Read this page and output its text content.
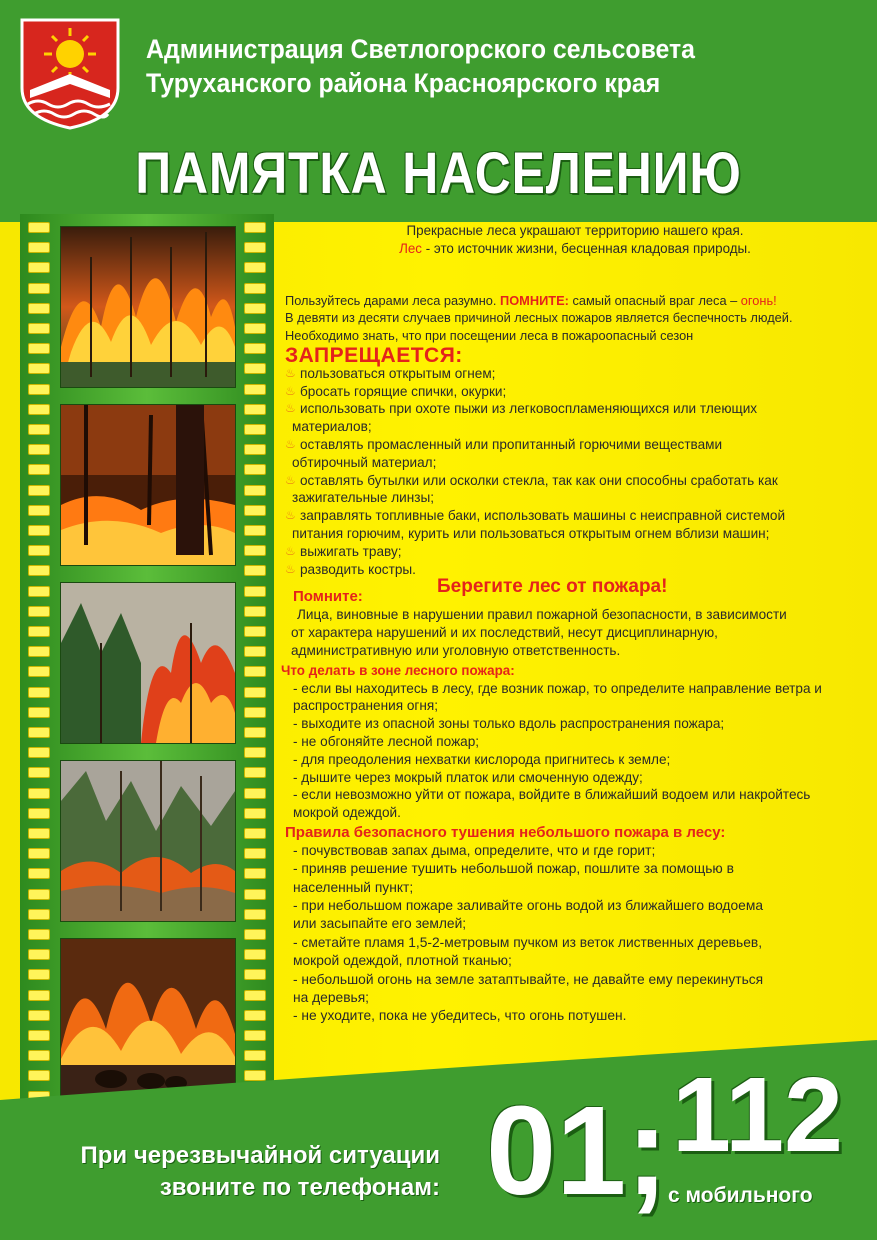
Администрация Светлогорского сельсовета
Туруханского района Красноярского края
ПАМЯТКА НАСЕЛЕНИЮ
Прекрасные леса украшают территорию нашего края.
Лес - это источник жизни, бесценная кладовая природы.
Пользуйтесь дарами леса разумно. ПОМНИТЕ: самый опасный враг леса – огонь!
В девяти из десяти случаев причиной лесных пожаров является беспечность людей.
Необходимо знать, что при посещении леса в пожароопасный сезон
ЗАПРЕЩАЕТСЯ:
♨ пользоваться открытым огнем;
♨ бросать горящие спички, окурки;
♨ использовать при охоте пыжи из легковоспламеняющихся или тлеющих
материалов;
♨ оставлять промасленный или пропитанный горючими веществами
обтирочный материал;
♨ оставлять бутылки или осколки стекла, так как они способны сработать как
зажигательные линзы;
♨ заправлять топливные баки, использовать машины с неисправной системой
питания горючим, курить или пользоваться открытым огнем вблизи машин;
♨ выжигать траву;
♨ разводить костры.
Помните:	Берегите лес от пожара!
Лица, виновные в нарушении правил пожарной безопасности, в зависимости
от характера нарушений и их последствий, несут дисциплинарную,
административную или уголовную ответственность.
Что делать в зоне лесного пожара:
- если вы находитесь в лесу, где возник пожар, то определите направление ветра и
распространения огня;
- выходите из опасной зоны только вдоль распространения пожара;
- не обгоняйте лесной пожар;
- для преодоления нехватки кислорода пригнитесь к земле;
- дышите через мокрый платок или смоченную одежду;
- если невозможно уйти от пожара, войдите в ближайший водоем или накройтесь
мокрой одеждой.
Правила безопасного тушения небольшого пожара в лесу:
- почувствовав запах дыма, определите, что и где горит;
- приняв решение тушить небольшой пожар, пошлите за помощью в
населенный пункт;
- при небольшом пожаре заливайте огонь водой из ближайшего водоема
или засыпайте его землей;
- сметайте пламя 1,5-2-метровым пучком из веток лиственных деревьев,
мокрой одеждой, плотной тканью;
- небольшой огонь на земле затаптывайте, не давайте ему перекинуться
на деревья;
- не уходите, пока не убедитесь, что огонь потушен.
При черезвычайной ситуации
звоните по телефонам: 01; 112
с мобильного
